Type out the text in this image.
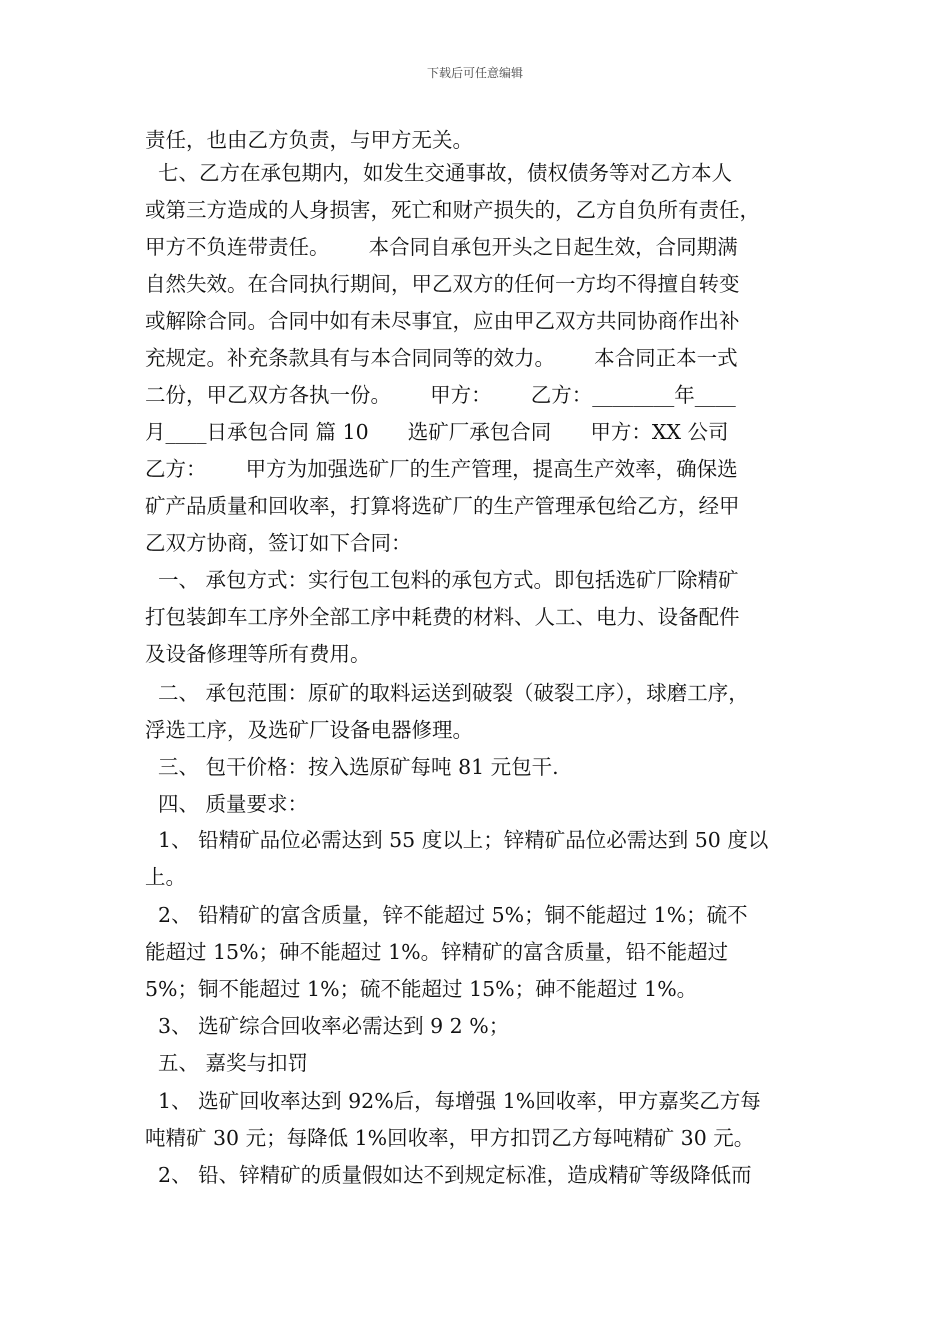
下载后可任意编辑
责任，也由乙方负责，与甲方无关。
七、乙方在承包期内，如发生交通事故，债权债务等对乙方本人
或第三方造成的人身损害，死亡和财产损失的，乙方自负所有责任，
甲方不负连带责任。      本合同自承包开头之日起生效，合同期满
自然失效。在合同执行期间，甲乙双方的任何一方均不得擅自转变
或解除合同。合同中如有未尽事宜，应由甲乙双方共同协商作出补
充规定。补充条款具有与本合同同等的效力。      本合同正本一式
二份，甲乙双方各执一份。      甲方：      乙方：________年____
月____日承包合同 篇 10      选矿厂承包合同      甲方：XX 公司
乙方：      甲方为加强选矿厂的生产管理，提高生产效率，确保选
矿产品质量和回收率，打算将选矿厂的生产管理承包给乙方，经甲
乙双方协商，签订如下合同：
一、 承包方式：实行包工包料的承包方式。即包括选矿厂除精矿
打包装卸车工序外全部工序中耗费的材料、人工、电力、设备配件
及设备修理等所有费用。
二、 承包范围：原矿的取料运送到破裂（破裂工序），球磨工序，
浮选工序，及选矿厂设备电器修理。
三、 包干价格：按入选原矿每吨 81 元包干.
四、 质量要求：
1、 铅精矿品位必需达到 55 度以上；锌精矿品位必需达到 50 度以
上。
2、 铅精矿的富含质量，锌不能超过 5%；铜不能超过 1%；硫不
能超过 15%；砷不能超过 1%。锌精矿的富含质量，铅不能超过
5%；铜不能超过 1%；硫不能超过 15%；砷不能超过 1%。
3、 选矿综合回收率必需达到 9 2 %；
五、 嘉奖与扣罚
1、 选矿回收率达到 92%后，每增强 1%回收率，甲方嘉奖乙方每
吨精矿 30 元；每降低 1%回收率，甲方扣罚乙方每吨精矿 30 元。
2、 铅、锌精矿的质量假如达不到规定标准，造成精矿等级降低而
